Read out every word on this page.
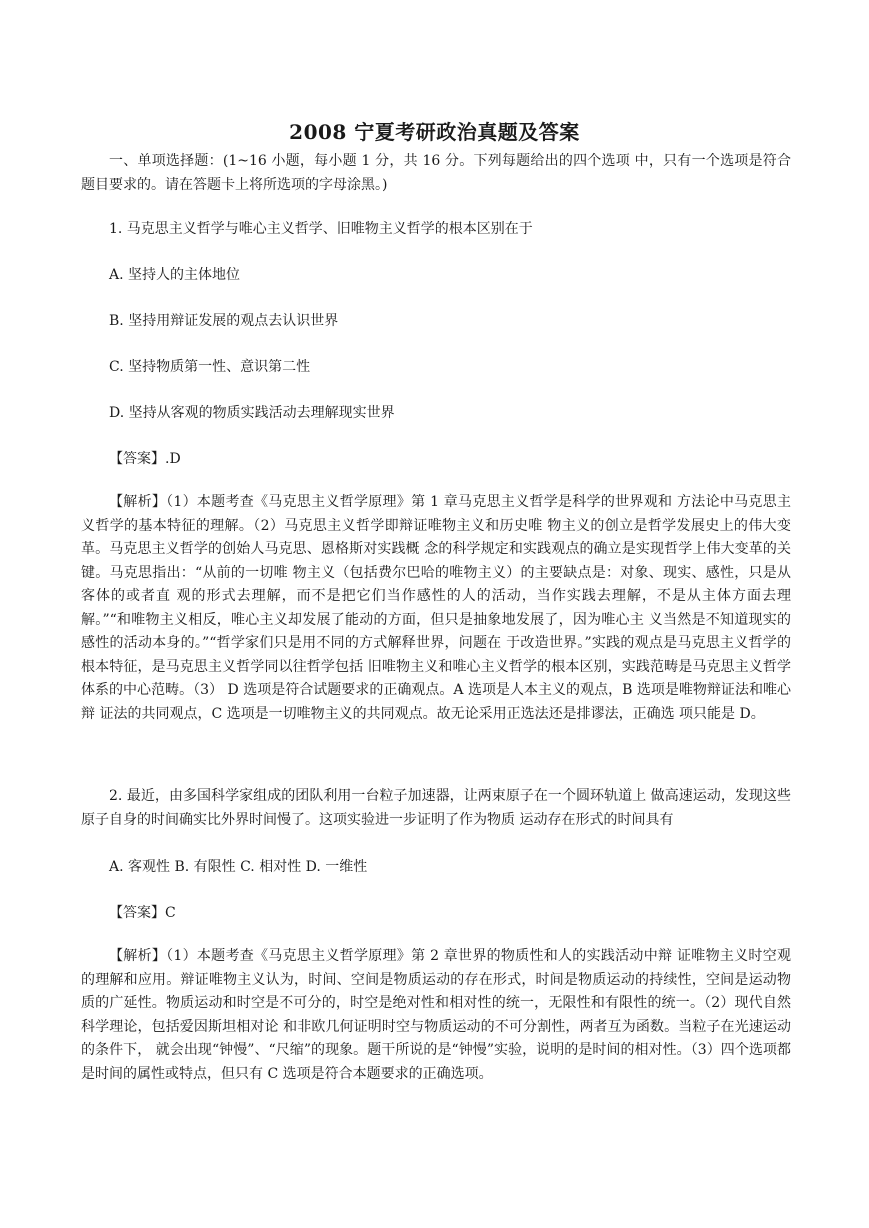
2008 宁夏考研政治真题及答案
一、单项选择题：(1~16 小题，每小题 1 分，共 16 分。下列每题给出的四个选项 中，只有一个选项是符合题目要求的。请在答题卡上将所选项的字母涂黑。)
1. 马克思主义哲学与唯心主义哲学、旧唯物主义哲学的根本区别在于
A. 坚持人的主体地位
B. 坚持用辩证发展的观点去认识世界
C. 坚持物质第一性、意识第二性
D. 坚持从客观的物质实践活动去理解现实世界
【答案】.D
【解析】（1）本题考查《马克思主义哲学原理》第 1 章马克思主义哲学是科学的世界观和 方法论中马克思主义哲学的基本特征的理解。（2）马克思主义哲学即辩证唯物主义和历史唯 物主义的创立是哲学发展史上的伟大变革。马克思主义哲学的创始人马克思、恩格斯对实践概 念的科学规定和实践观点的确立是实现哲学上伟大变革的关键。马克思指出：“从前的一切唯 物主义（包括费尔巴哈的唯物主义）的主要缺点是：对象、现实、感性，只是从客体的或者直 观的形式去理解，而不是把它们当作感性的人的活动，当作实践去理解，不是从主体方面去理 解。”“和唯物主义相反，唯心主义却发展了能动的方面，但只是抽象地发展了，因为唯心主 义当然是不知道现实的感性的活动本身的。”“哲学家们只是用不同的方式解释世界，问题在 于改造世界。”实践的观点是马克思主义哲学的根本特征，是马克思主义哲学同以往哲学包括 旧唯物主义和唯心主义哲学的根本区别，实践范畴是马克思主义哲学体系的中心范畴。（3） D 选项是符合试题要求的正确观点。A 选项是人本主义的观点，B 选项是唯物辩证法和唯心辩 证法的共同观点，C 选项是一切唯物主义的共同观点。故无论采用正选法还是排谬法，正确选 项只能是 D。
2. 最近，由多国科学家组成的团队利用一台粒子加速器，让两束原子在一个圆环轨道上 做高速运动，发现这些原子自身的时间确实比外界时间慢了。这项实验进一步证明了作为物质 运动存在形式的时间具有
A. 客观性 B. 有限性 C. 相对性 D. 一维性
【答案】C
【解析】（1）本题考查《马克思主义哲学原理》第 2 章世界的物质性和人的实践活动中辩 证唯物主义时空观的理解和应用。辩证唯物主义认为，时间、空间是物质运动的存在形式，时间是物质运动的持续性，空间是运动物质的广延性。物质运动和时空是不可分的，时空是绝对性和相对性的统一，无限性和有限性的统一。（2）现代自然科学理论，包括爱因斯坦相对论 和非欧几何证明时空与物质运动的不可分割性，两者互为函数。当粒子在光速运动的条件下， 就会出现“钟慢”、“尺缩”的现象。题干所说的是“钟慢”实验，说明的是时间的相对性。（3）四个选项都是时间的属性或特点，但只有 C 选项是符合本题要求的正确选项。
